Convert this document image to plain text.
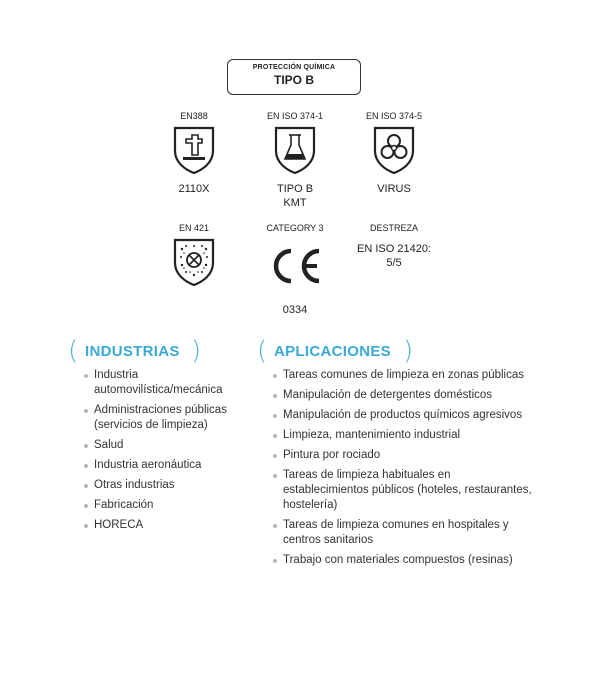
PROTECCIÓN QUÍMICA
TIPO B
EN388
2110X
EN ISO 374-1
TIPO B
KMT
EN ISO 374-5
VIRUS
EN 421	CATEGORY 3
0334
DESTREZA
EN ISO 21420:
5/5
( INDUSTRIAS )
Industria automovilística/mecánica
Administraciones públicas (servicios de limpieza)
Salud
Industria aeronáutica
Otras industrias
Fabricación
HORECA
( APLICACIONES )
Tareas comunes de limpieza en zonas públicas
Manipulación de detergentes domésticos
Manipulación de productos químicos agresivos
Limpieza, mantenimiento industrial
Pintura por rociado
Tareas de limpieza habituales en establecimientos públicos (hoteles, restaurantes, hostelería)
Tareas de limpieza comunes en hospitales y centros sanitarios
Trabajo con materiales compuestos (resinas)
